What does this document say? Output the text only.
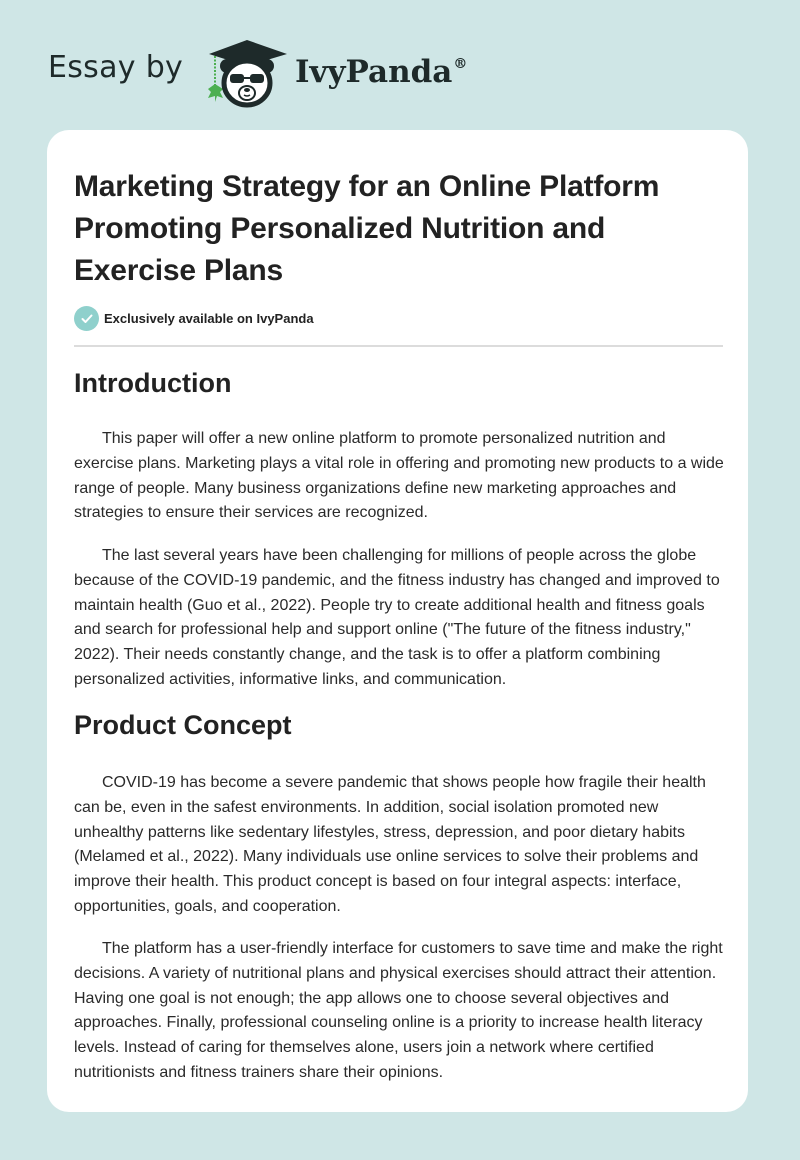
Essay by	IvyPanda®
Marketing Strategy for an Online Platform Promoting Personalized Nutrition and Exercise Plans
Exclusively available on IvyPanda
Introduction

This paper will offer a new online platform to promote personalized nutrition and exercise plans. Marketing plays a vital role in offering and promoting new products to a wide range of people. Many business organizations define new marketing approaches and strategies to ensure their services are recognized.

The last several years have been challenging for millions of people across the globe because of the COVID-19 pandemic, and the fitness industry has changed and improved to maintain health (Guo et al., 2022). People try to create additional health and fitness goals and search for professional help and support online ("The future of the fitness industry," 2022). Their needs constantly change, and the task is to offer a platform combining personalized activities, informative links, and communication.

Product Concept

COVID-19 has become a severe pandemic that shows people how fragile their health can be, even in the safest environments. In addition, social isolation promoted new unhealthy patterns like sedentary lifestyles, stress, depression, and poor dietary habits (Melamed et al., 2022). Many individuals use online services to solve their problems and improve their health. This product concept is based on four integral aspects: interface, opportunities, goals, and cooperation.

The platform has a user-friendly interface for customers to save time and make the right decisions. A variety of nutritional plans and physical exercises should attract their attention. Having one goal is not enough; the app allows one to choose several objectives and approaches. Finally, professional counseling online is a priority to increase health literacy levels. Instead of caring for themselves alone, users join a network where certified nutritionists and fitness trainers share their opinions.
